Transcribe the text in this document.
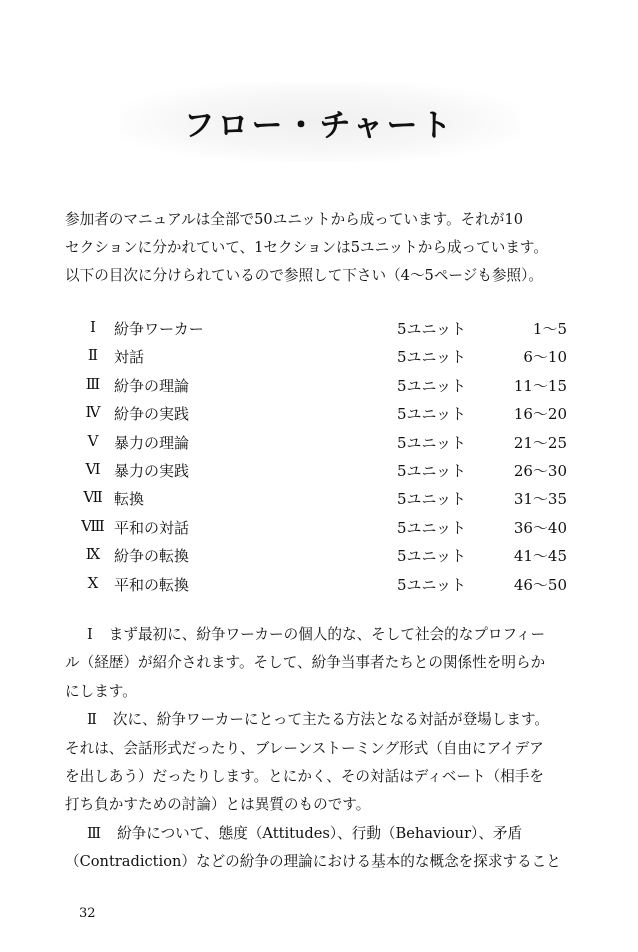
フロー・チャート

参加者のマニュアルは全部で50ユニットから成っています。それが10

セクションに分かれていて、1セクションは5ユニットから成っています。

以下の目次に分けられているので参照して下さい（4～5ページも参照）。

Ⅰ	紛争ワーカー	5ユニット	1～5
Ⅱ	対話	5ユニット	6～10
Ⅲ 紛争の理論	5ユニット	11～15
Ⅳ 紛争の実践	5ユニット	16～20
Ⅴ	暴力の理論	5ユニット	21～25
Ⅵ 暴力の実践	5ユニット	26～30
Ⅶ 転換	5ユニット	31～35
Ⅷ 平和の対話	5ユニット	36～40
Ⅸ 紛争の転換	5ユニット	41～45
Ⅹ	平和の転換	5ユニット	46～50

Ⅰ まず最初に、紛争ワーカーの個人的な、そして社会的なプロフィー

ル（経歴）が紹介されます。そして、紛争当事者たちとの関係性を明らか

にします。

Ⅱ 次に、紛争ワーカーにとって主たる方法となる対話が登場します。

それは、会話形式だったり、ブレーンストーミング形式（自由にアイデア

を出しあう）だったりします。とにかく、その対話はディベート（相手を

打ち負かすための討論）とは異質のものです。

Ⅲ 紛争について、態度（Attitudes）、行動（Behaviour）、矛盾

（Contradiction）などの紛争の理論における基本的な概念を探求すること

32
